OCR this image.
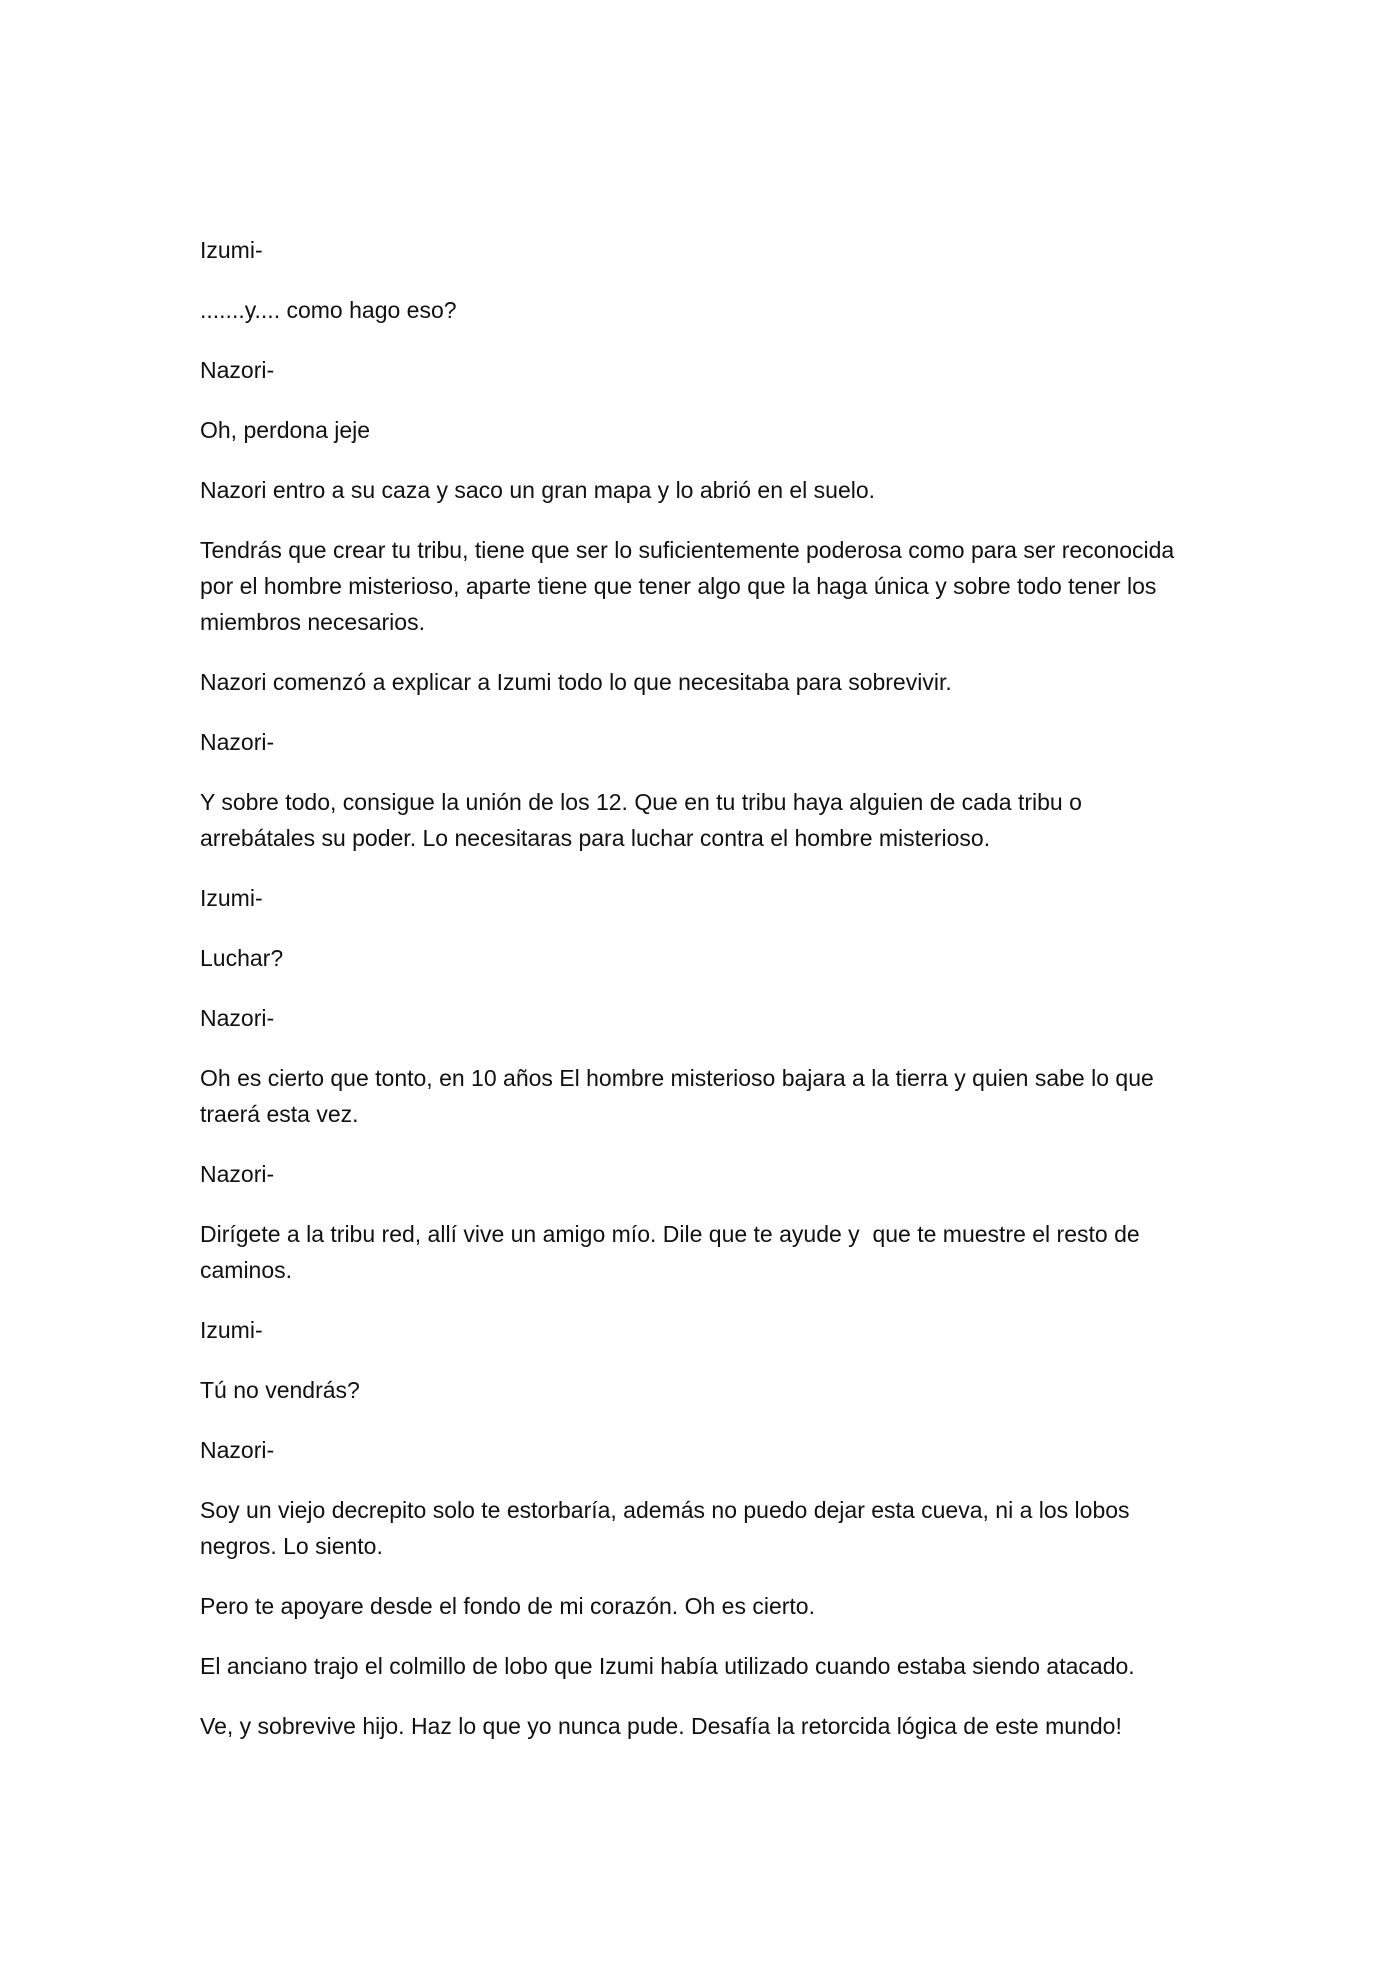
Izumi-

.......y.... como hago eso?

Nazori-

Oh, perdona jeje

Nazori entro a su caza y saco un gran mapa y lo abrió en el suelo.

Tendrás que crear tu tribu, tiene que ser lo suficientemente poderosa como para ser reconocida por el hombre misterioso, aparte tiene que tener algo que la haga única y sobre todo tener los miembros necesarios.

Nazori comenzó a explicar a Izumi todo lo que necesitaba para sobrevivir.

Nazori-

Y sobre todo, consigue la unión de los 12. Que en tu tribu haya alguien de cada tribu o arrebátales su poder. Lo necesitaras para luchar contra el hombre misterioso.

Izumi-

Luchar?

Nazori-

Oh es cierto que tonto, en 10 años El hombre misterioso bajara a la tierra y quien sabe lo que traerá esta vez.

Nazori-

Dirígete a la tribu red, allí vive un amigo mío. Dile que te ayude y  que te muestre el resto de caminos.

Izumi-

Tú no vendrás?

Nazori-

Soy un viejo decrepito solo te estorbaría, además no puedo dejar esta cueva, ni a los lobos negros. Lo siento.

Pero te apoyare desde el fondo de mi corazón. Oh es cierto.

El anciano trajo el colmillo de lobo que Izumi había utilizado cuando estaba siendo atacado.

Ve, y sobrevive hijo. Haz lo que yo nunca pude. Desafía la retorcida lógica de este mundo!
